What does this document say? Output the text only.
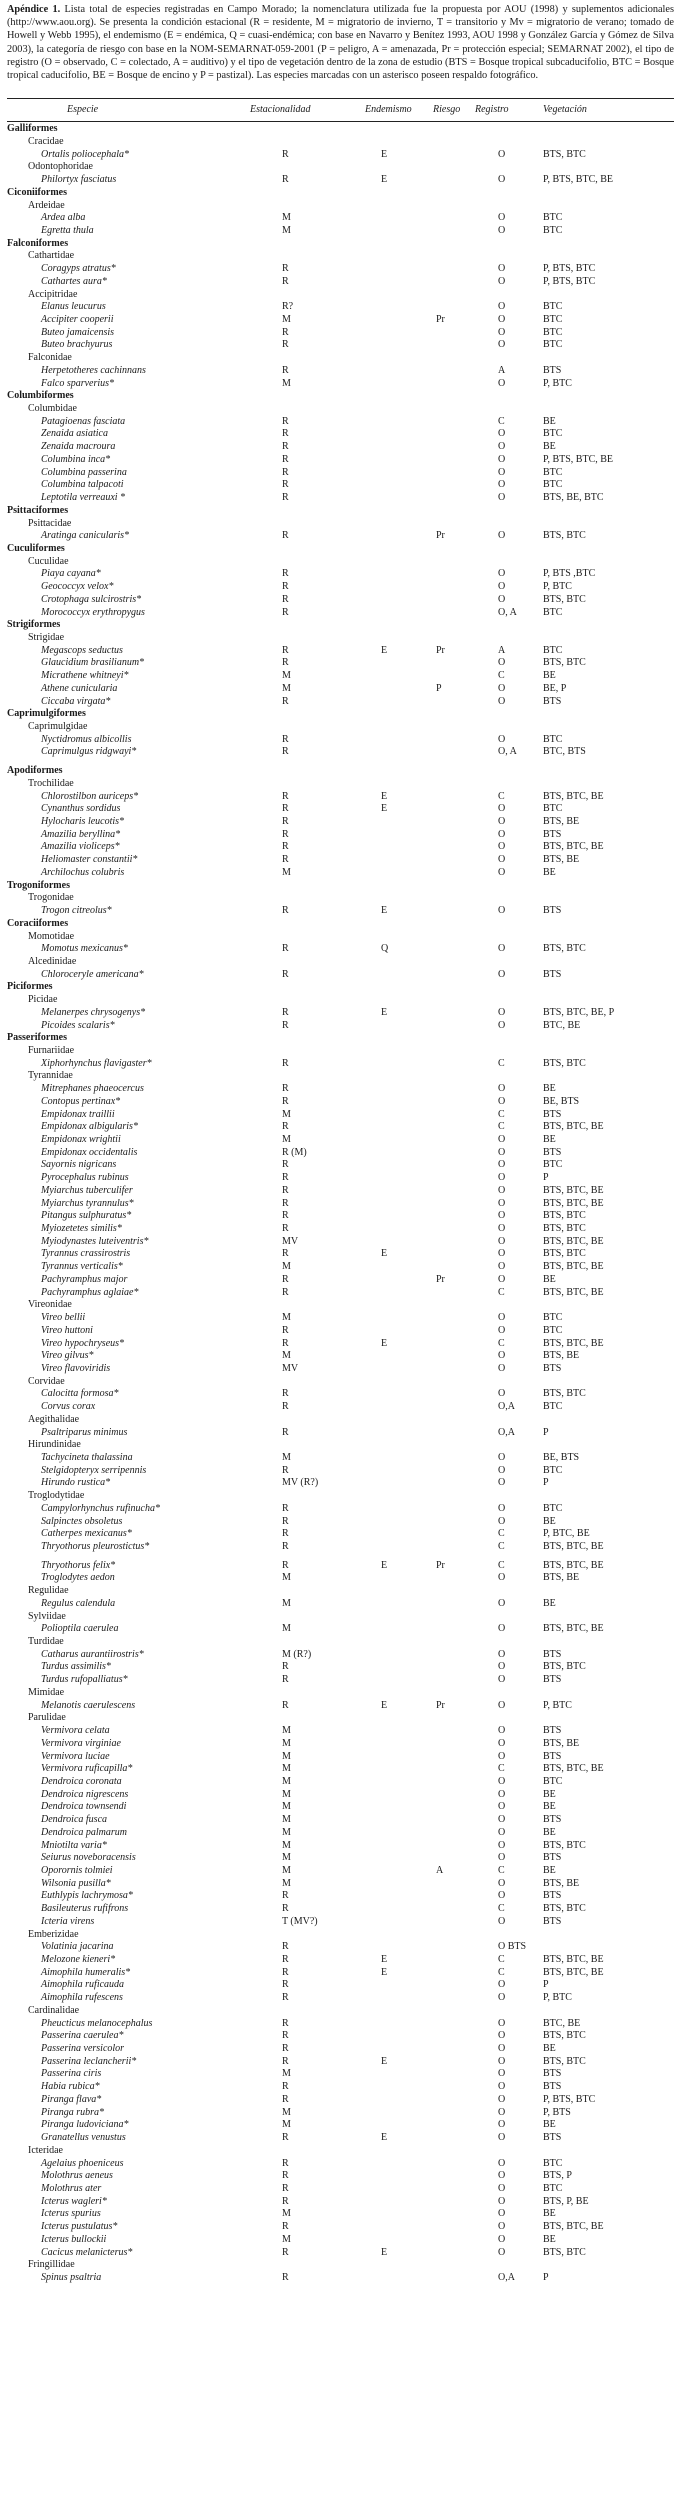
Apéndice 1. Lista total de especies registradas en Campo Morado; la nomenclatura utilizada fue la propuesta por AOU (1998) y suplementos adicionales (http://www.aou.org). Se presenta la condición estacional (R = residente, M = migratorio de invierno, T = transitorio y Mv = migratorio de verano; tomado de Howell y Webb 1995), el endemismo (E = endémica, Q = cuasi-endémica; con base en Navarro y Benítez 1993, AOU 1998 y González García y Gómez de Silva 2003), la categoría de riesgo con base en la NOM-SEMARNAT-059-2001 (P = peligro, A = amenazada, Pr = protección especial; SEMARNAT 2002), el tipo de registro (O = observado, C = colectado, A = auditivo) y el tipo de vegetación dentro de la zona de estudio (BTS = Bosque tropical subcaducifolio, BTC = Bosque tropical caducifolio, BE = Bosque de encino y P = pastizal). Las especies marcadas con un asterisco poseen respaldo fotográfico.

Especie	Estacionalidad	Endemismo	Riesgo	Registro	Vegetación

Galliformes					
Cracidae					
Ortalis poliocephala*	R	E		O	BTS, BTC
Odontophoridae					
Philortyx fasciatus	R	E		O	P, BTS, BTC, BE
Ciconiiformes					
Ardeidae					
Ardea alba	M			O	BTC
Egretta thula	M			O	BTC
Falconiformes					
Cathartidae					
Coragyps atratus*	R			O	P, BTS, BTC
Cathartes aura*	R			O	P, BTS, BTC
Accipitridae					
Elanus leucurus	R?			O	BTC
Accipiter cooperii	M		Pr	O	BTC
Buteo jamaicensis	R			O	BTC
Buteo brachyurus	R			O	BTC
Falconidae					
Herpetotheres cachinnans	R			A	BTS
Falco sparverius*	M			O	P, BTC
Columbiformes					
Columbidae					
Patagioenas fasciata	R			C	BE
Zenaida asiatica	R			O	BTC
Zenaida macroura	R			O	BE
Columbina inca*	R			O	P, BTS, BTC, BE
Columbina passerina	R			O	BTC
Columbina talpacoti	R			O	BTC
Leptotila verreauxi *	R			O	BTS, BE, BTC
Psittaciformes					
Psittacidae					
Aratinga canicularis*	R		Pr	O	BTS, BTC
Cuculiformes					
Cuculidae					
Piaya cayana*	R			O	P, BTS ,BTC
Geococcyx velox*	R			O	P, BTC
Crotophaga sulcirostris*	R			O	BTS, BTC
Morococcyx erythropygus	R			O, A	BTC
Strigiformes					
Strigidae					
Megascops seductus	R	E	Pr	A	BTC
Glaucidium brasilianum*	R			O	BTS, BTC
Micrathene whitneyi*	M			C	BE
Athene cunicularia	M		P	O	BE, P
Ciccaba virgata*	R			O	BTS
Caprimulgiformes					
Caprimulgidae					
Nyctidromus albicollis	R			O	BTC
Caprimulgus ridgwayi*	R			O, A	BTC, BTS

Apodiformes					
Trochilidae					
Chlorostilbon auriceps*	R	E		C	BTS, BTC, BE
Cynanthus sordidus	R	E		O	BTC
Hylocharis leucotis*	R			O	BTS, BE
Amazilia beryllina*	R			O	BTS
Amazilia violiceps*	R			O	BTS, BTC, BE
Heliomaster constantii*	R			O	BTS, BE
Archilochus colubris	M			O	BE
Trogoniformes					
Trogonidae					
Trogon citreolus*	R	E		O	BTS
Coraciiformes					
Momotidae					
Momotus mexicanus*	R	Q		O	BTS, BTC
Alcedinidae					
Chloroceryle americana*	R			O	BTS
Piciformes					
Picidae					
Melanerpes chrysogenys*	R	E		O	BTS, BTC, BE, P
Picoides scalaris*	R			O	BTC, BE
Passeriformes					
Furnariidae					
Xiphorhynchus flavigaster*	R			C	BTS, BTC
Tyrannidae					
Mitrephanes phaeocercus	R			O	BE
Contopus pertinax*	R			O	BE, BTS
Empidonax traillii	M			C	BTS
Empidonax albigularis*	R			C	BTS, BTC, BE
Empidonax wrightii	M			O	BE
Empidonax occidentalis	R (M)			O	BTS
Sayornis nigricans	R			O	BTC
Pyrocephalus rubinus	R			O	P
Myiarchus tuberculifer	R			O	BTS, BTC, BE
Myiarchus tyrannulus*	R			O	BTS, BTC, BE
Pitangus sulphuratus*	R			O	BTS, BTC
Myiozetetes similis*	R			O	BTS, BTC
Myiodynastes luteiventris*	MV			O	BTS, BTC, BE
Tyrannus crassirostris	R	E		O	BTS, BTC
Tyrannus verticalis*	M			O	BTS, BTC, BE
Pachyramphus major	R		Pr	O	BE
Pachyramphus aglaiae*	R			C	BTS, BTC, BE
Vireonidae					
Vireo bellii	M			O	BTC
Vireo huttoni	R			O	BTC
Vireo hypochryseus*	R	E		C	BTS, BTC, BE
Vireo gilvus*	M			O	BTS, BE
Vireo flavoviridis	MV			O	BTS
Corvidae					
Calocitta formosa*	R			O	BTS, BTC
Corvus corax	R			O,A	BTC
Aegithalidae					
Psaltriparus minimus	R			O,A	P
Hirundinidae					
Tachycineta thalassina	M			O	BE, BTS
Stelgidopteryx serripennis	R			O	BTC
Hirundo rustica*	MV (R?)			O	P
Troglodytidae					
Campylorhynchus rufinucha*	R			O	BTC
Salpinctes obsoletus	R			O	BE
Catherpes mexicanus*	R			C	P, BTC, BE
Thryothorus pleurostictus*	R			C	BTS, BTC, BE

Thryothorus felix*	R	E	Pr	C	BTS, BTC, BE
Troglodytes aedon	M			O	BTS, BE
Regulidae					
Regulus calendula	M			O	BE
Sylviidae					
Polioptila caerulea	M			O	BTS, BTC, BE
Turdidae					
Catharus aurantiirostris*	M (R?)			O	BTS
Turdus assimilis*	R			O	BTS, BTC
Turdus rufopalliatus*	R			O	BTS
Mimidae					
Melanotis caerulescens	R	E	Pr	O	P, BTC
Parulidae					
Vermivora celata	M			O	BTS
Vermivora virginiae	M			O	BTS, BE
Vermivora luciae	M			O	BTS
Vermivora ruficapilla*	M			C	BTS, BTC, BE
Dendroica coronata	M			O	BTC
Dendroica nigrescens	M			O	BE
Dendroica townsendi	M			O	BE
Dendroica fusca	M			O	BTS
Dendroica palmarum	M			O	BE
Mniotilta varia*	M			O	BTS, BTC
Seiurus noveboracensis	M			O	BTS
Oporornis tolmiei	M		A	C	BE
Wilsonia pusilla*	M			O	BTS, BE
Euthlypis lachrymosa*	R			O	BTS
Basileuterus rufifrons	R			C	BTS, BTC
Icteria virens	T (MV?)			O	BTS
Emberizidae					
Volatinia jacarina	R			O BTS	
Melozone kieneri*	R	E		C	BTS, BTC, BE
Aimophila humeralis*	R	E		C	BTS, BTC, BE
Aimophila ruficauda	R			O	P
Aimophila rufescens	R			O	P, BTC
Cardinalidae					
Pheucticus melanocephalus	R			O	BTC, BE
Passerina caerulea*	R			O	BTS, BTC
Passerina versicolor	R			O	BE
Passerina leclancherii*	R	E		O	BTS, BTC
Passerina ciris	M			O	BTS
Habia rubica*	R			O	BTS
Piranga flava*	R			O	P, BTS, BTC
Piranga rubra*	M			O	P, BTS
Piranga ludoviciana*	M			O	BE
Granatellus venustus	R	E		O	BTS
Icteridae					
Agelaius phoeniceus	R			O	BTC
Molothrus aeneus	R			O	BTS, P
Molothrus ater	R			O	BTC
Icterus wagleri*	R			O	BTS, P, BE
Icterus spurius	M			O	BE
Icterus pustulatus*	R			O	BTS, BTC, BE
Icterus bullockii	M			O	BE
Cacicus melanicterus*	R	E		O	BTS, BTC
Fringillidae					
Spinus psaltria	R			O,A	P
